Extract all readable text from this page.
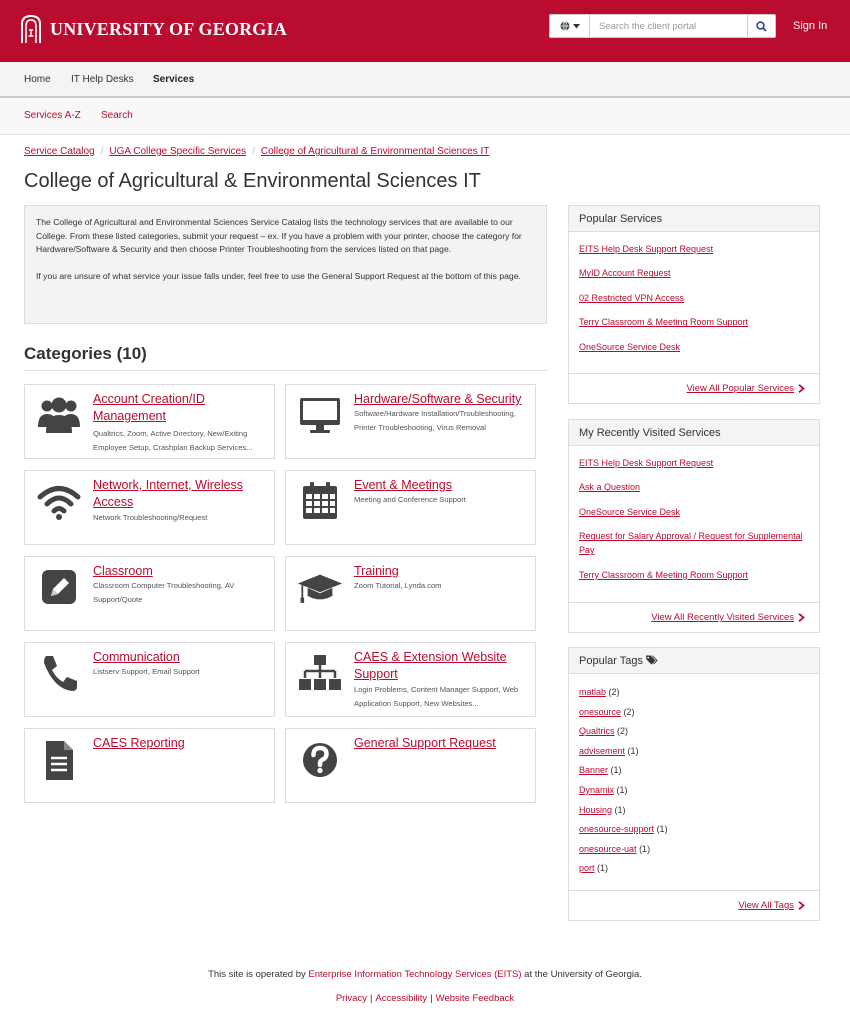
UNIVERSITY OF GEORGIA
Search the client portal	Sign In
Home IT Help Desks Services
Services A-Z Search
Service Catalog / UGA College Specific Services / College of Agricultural & Environmental Sciences IT
College of Agricultural & Environmental Sciences IT

The College of Agricultural and Environmental Sciences Service Catalog lists the technology services that are available to our College. From these listed categories, submit your request – ex. If you have a problem with your printer, choose the category for Hardware/Software & Security and then choose Printer Troubleshooting from the services listed on that page.

If you are unsure of what service your issue falls under, feel free to use the General Support Request at the bottom of this page.

Categories (10)
Account Creation/ID Management
Qualtrics, Zoom, Active Directory, New/Exiting Employee Setup, Crashplan Backup Services...
Hardware/Software & Security
Software/Hardware Installation/Troubleshooting, Printer Troubleshooting, Virus Removal
Network, Internet, Wireless Access
Network Troubleshooting/Request
Event & Meetings
Meeting and Conference Support
Classroom
Classroom Computer Troubleshooting, AV Support/Quote
Training
Zoom Tutorial, Lynda.com
Communication
Listserv Support, Email Support
CAES & Extension Website Support
Login Problems, Content Manager Support, Web Application Support, New Websites...
CAES Reporting	General Support Request
Popular Services
EITS Help Desk Support Request
MyID Account Request
02 Restricted VPN Access
Terry Classroom & Meeting Room Support
OneSource Service Desk
View All Popular Services
My Recently Visited Services
EITS Help Desk Support Request
Ask a Question
OneSource Service Desk
Request for Salary Approval / Request for Supplemental Pay
Terry Classroom & Meeting Room Support
View All Recently Visited Services
Popular Tags
matlab (2)
onesource (2)
Qualtrics (2)
advisement (1)
Banner (1)
Dynamix (1)
Housing (1)
onesource-support (1)
onesource-uat (1)
port (1)
View All Tags
This site is operated by Enterprise Information Technology Services (EITS) at the University of Georgia.
Privacy | Accessibility | Website Feedback
